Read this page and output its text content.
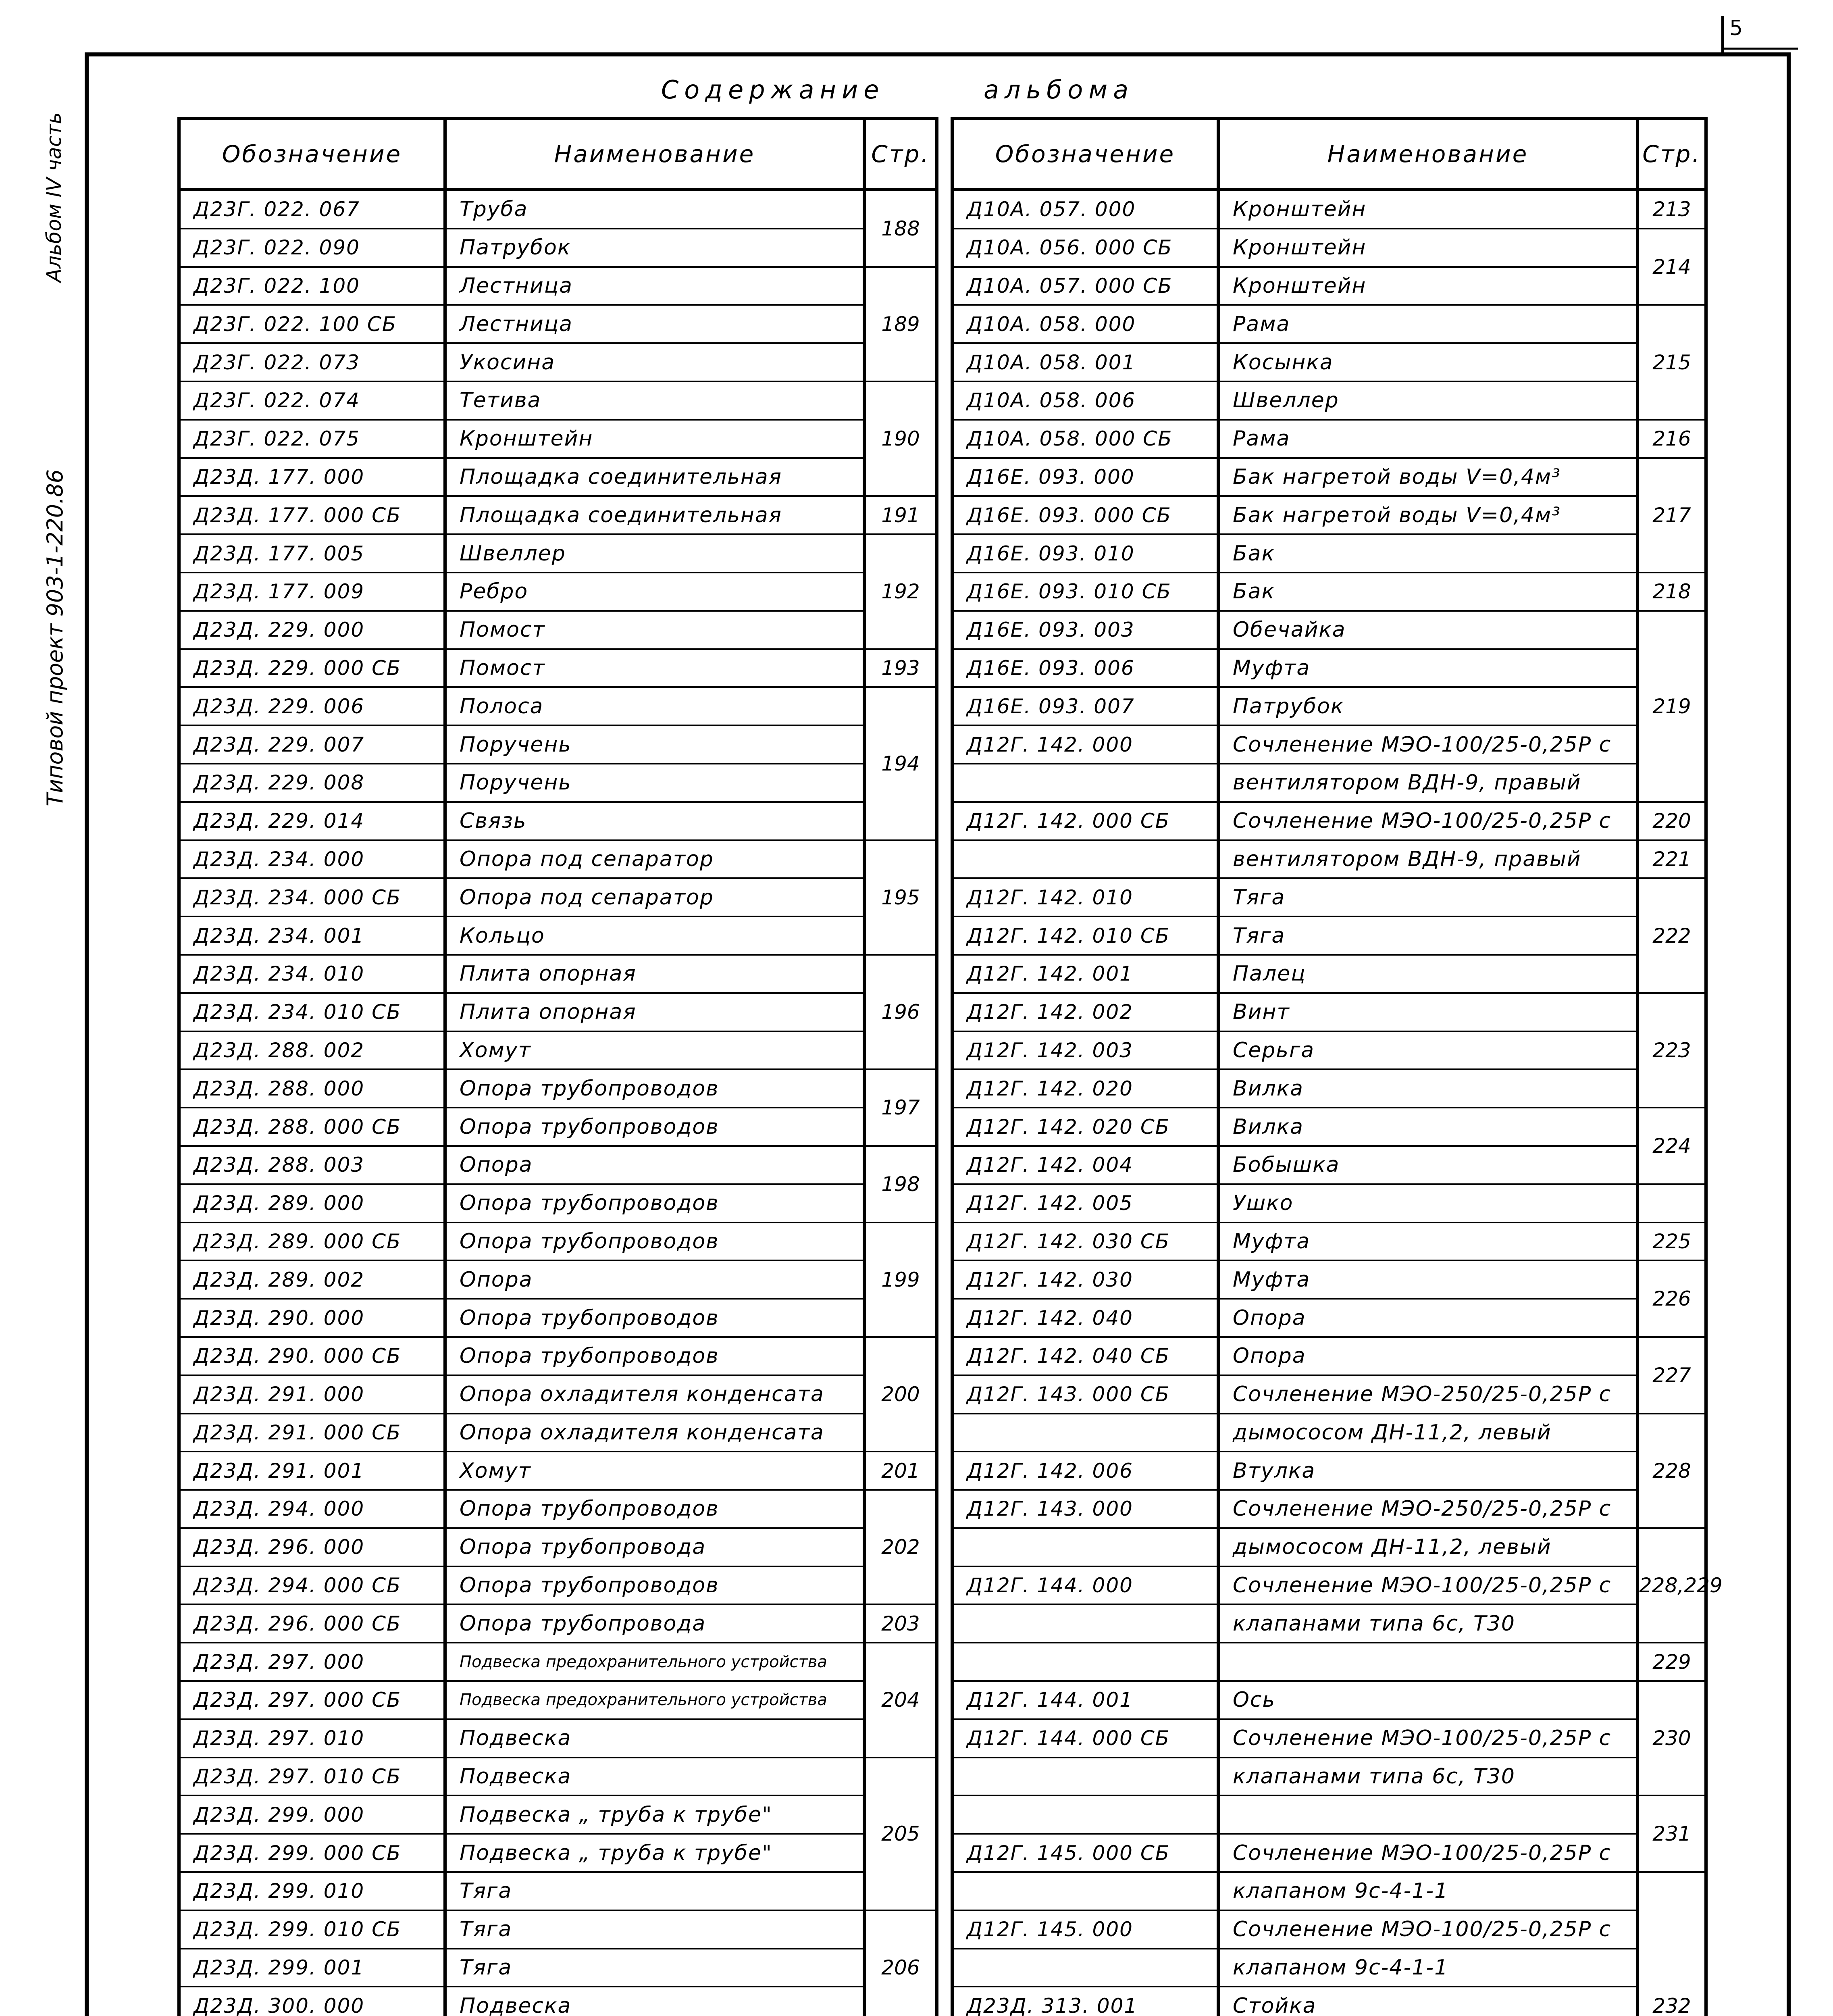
Типовой проект 903-1-220.86
Альбом IV часть
5
Содержание	альбома
Обозначение	Наименование	Стр.
Д23Г. 022. 067	Труба	188
Д23Г. 022. 090	Патрубок	
Д23Г. 022. 100	Лестница	189
Д23Г. 022. 100 СБ	Лестница	
Д23Г. 022. 073	Укосина	
Д23Г. 022. 074	Тетива	190
Д23Г. 022. 075	Кронштейн	
Д23Д. 177. 000	Площадка соединительная	
Д23Д. 177. 000 СБ	Площадка соединительная	191
Д23Д. 177. 005	Швеллер	192
Д23Д. 177. 009	Ребро	
Д23Д. 229. 000	Помост	
Д23Д. 229. 000 СБ	Помост	193
Д23Д. 229. 006	Полоса	194
Д23Д. 229. 007	Поручень	
Д23Д. 229. 008	Поручень	
Д23Д. 229. 014	Связь	
Д23Д. 234. 000	Опора под сепаратор	195
Д23Д. 234. 000 СБ	Опора под сепаратор	
Д23Д. 234. 001	Кольцо	
Д23Д. 234. 010	Плита опорная	196
Д23Д. 234. 010 СБ	Плита опорная	
Д23Д. 288. 002	Хомут	
Д23Д. 288. 000	Опора трубопроводов	197
Д23Д. 288. 000 СБ	Опора трубопроводов	
Д23Д. 288. 003	Опора	198
Д23Д. 289. 000	Опора трубопроводов	
Д23Д. 289. 000 СБ	Опора трубопроводов	199
Д23Д. 289. 002	Опора	
Д23Д. 290. 000	Опора трубопроводов	
Д23Д. 290. 000 СБ	Опора трубопроводов	200
Д23Д. 291. 000	Опора охладителя конденсата	
Д23Д. 291. 000 СБ	Опора охладителя конденсата	
Д23Д. 291. 001	Хомут	201
Д23Д. 294. 000	Опора трубопроводов	202
Д23Д. 296. 000	Опора трубопровода	
Д23Д. 294. 000 СБ	Опора трубопроводов	
Д23Д. 296. 000 СБ	Опора трубопровода	203
Д23Д. 297. 000	Подвеска предохранительного устройства	204
Д23Д. 297. 000 СБ	Подвеска предохранительного устройства	
Д23Д. 297. 010	Подвеска	
Д23Д. 297. 010 СБ	Подвеска	205
Д23Д. 299. 000	Подвеска „ труба к трубе"	
Д23Д. 299. 000 СБ	Подвеска „ труба к трубе"	
Д23Д. 299. 010	Тяга	
Д23Д. 299. 010 СБ	Тяга	206
Д23Д. 299. 001	Тяга	
Д23Д. 300. 000	Подвеска	

Обозначение	Наименование	Стр.
Д10А. 057. 000	Кронштейн	213
Д10А. 056. 000 СБ	Кронштейн	214
Д10А. 057. 000 СБ	Кронштейн	
Д10А. 058. 000	Рама	215
Д10А. 058. 001	Косынка	
Д10А. 058. 006	Швеллер	
Д10А. 058. 000 СБ	Рама	216
Д16Е. 093. 000	Бак нагретой воды V=0,4м³	217
Д16Е. 093. 000 СБ	Бак нагретой воды V=0,4м³	
Д16Е. 093. 010	Бак	
Д16Е. 093. 010 СБ	Бак	218
Д16Е. 093. 003	Обечайка	219
Д16Е. 093. 006	Муфта	
Д16Е. 093. 007	Патрубок	
Д12Г. 142. 000	Сочленение МЭО-100/25-0,25Р с	
	вентилятором ВДН-9, правый	
Д12Г. 142. 000 СБ	Сочленение МЭО-100/25-0,25Р с	220
	вентилятором ВДН-9, правый	221
Д12Г. 142. 010	Тяга	222
Д12Г. 142. 010 СБ	Тяга	
Д12Г. 142. 001	Палец	
Д12Г. 142. 002	Винт	223
Д12Г. 142. 003	Серьга	
Д12Г. 142. 020	Вилка	
Д12Г. 142. 020 СБ	Вилка	224
Д12Г. 142. 004	Бобышка	
Д12Г. 142. 005	Ушко	
Д12Г. 142. 030 СБ	Муфта	225
Д12Г. 142. 030	Муфта	226
Д12Г. 142. 040	Опора	
Д12Г. 142. 040 СБ	Опора	227
Д12Г. 143. 000 СБ	Сочленение МЭО-250/25-0,25Р с	
	дымососом ДН-11,2, левый	228
Д12Г. 142. 006	Втулка	
Д12Г. 143. 000	Сочленение МЭО-250/25-0,25Р с	
	дымососом ДН-11,2, левый	228,229
Д12Г. 144. 000	Сочленение МЭО-100/25-0,25Р с	
	клапанами типа 6с, Т30	
		229
Д12Г. 144. 001	Ось	230
Д12Г. 144. 000 СБ	Сочленение МЭО-100/25-0,25Р с	
	клапанами типа 6с, Т30	
		231
Д12Г. 145. 000 СБ	Сочленение МЭО-100/25-0,25Р с	
	клапаном 9с-4-1-1	232
Д12Г. 145. 000	Сочленение МЭО-100/25-0,25Р с	
	клапаном 9с-4-1-1	
Д23Д. 313. 001	Стойка	
